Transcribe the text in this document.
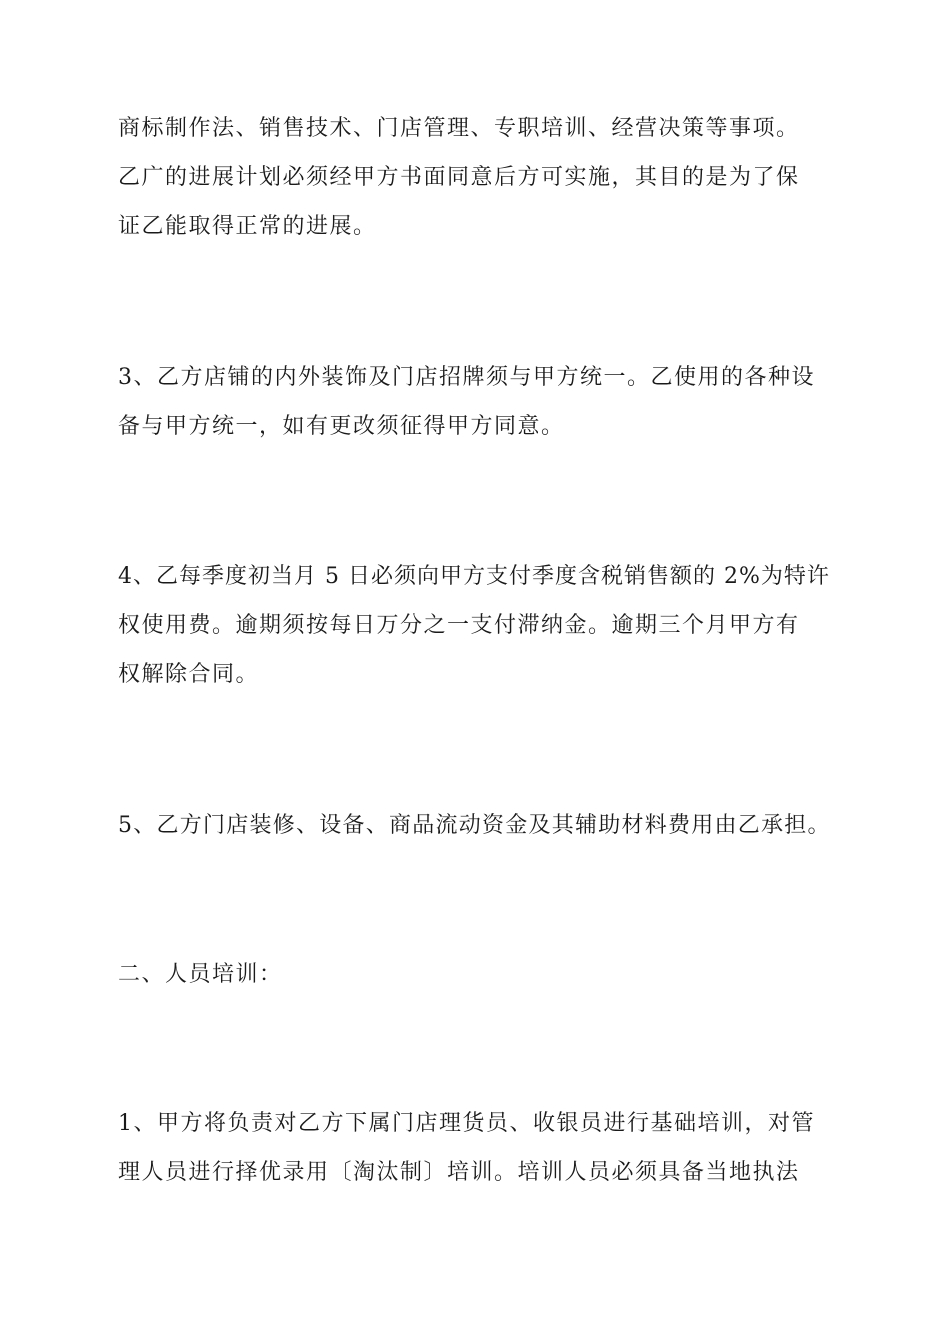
商标制作法、销售技术、门店管理、专职培训、经营决策等事项。
乙广的进展计划必须经甲方书面同意后方可实施，其目的是为了保
证乙能取得正常的进展。

3、乙方店铺的内外装饰及门店招牌须与甲方统一。乙使用的各种设
备与甲方统一，如有更改须征得甲方同意。

4、乙每季度初当月 5 日必须向甲方支付季度含税销售额的 2%为特许
权使用费。逾期须按每日万分之一支付滞纳金。逾期三个月甲方有
权解除合同。

5、乙方门店装修、设备、商品流动资金及其辅助材料费用由乙承担。

二、人员培训：

1、甲方将负责对乙方下属门店理货员、收银员进行基础培训，对管
理人员进行择优录用〔淘汰制〕培训。培训人员必须具备当地执法
